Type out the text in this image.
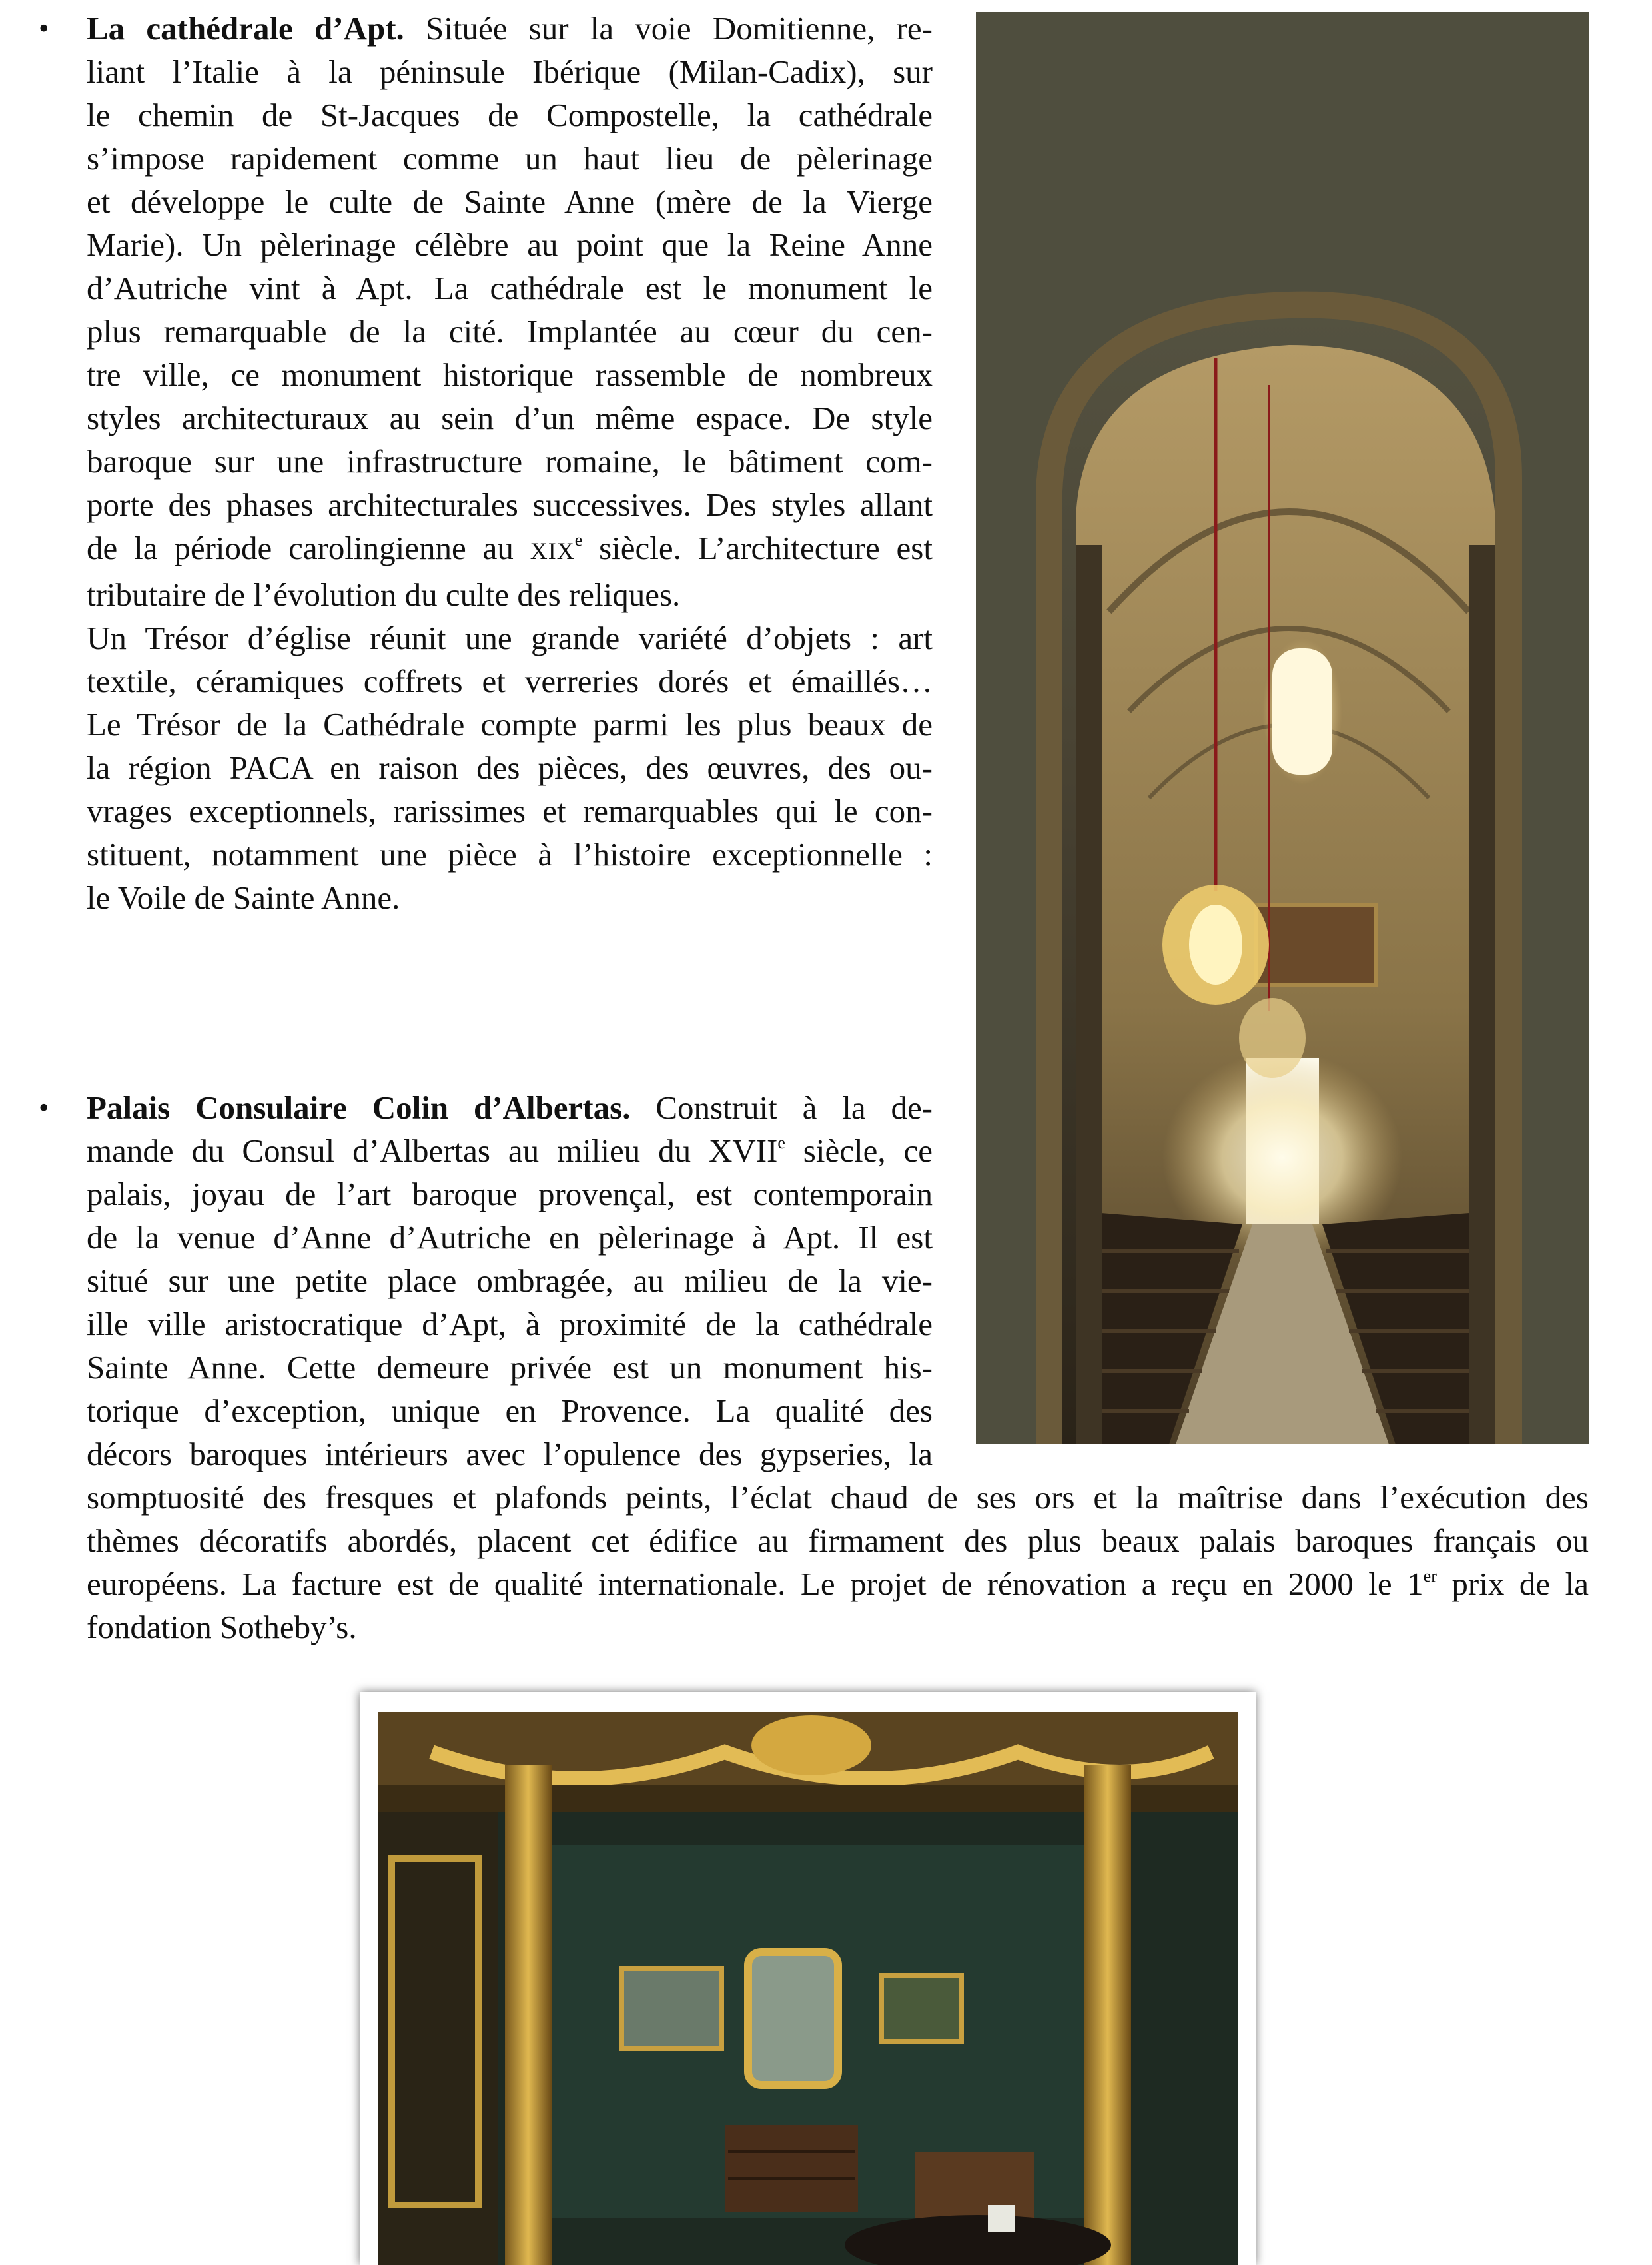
• La cathédrale d’Apt. Située sur la voie Domitienne, re-
liant l’Italie à la péninsule Ibérique (Milan-Cadix), sur
le chemin de St-Jacques de Compostelle, la cathédrale
s’impose rapidement comme un haut lieu de pèlerinage
et développe le culte de Sainte Anne (mère de la Vierge
Marie). Un pèlerinage célèbre au point que la Reine Anne
d’Autriche vint à Apt. La cathédrale est le monument le
plus remarquable de la cité. Implantée au cœur du cen-
tre ville, ce monument historique rassemble de nombreux
styles architecturaux au sein d’un même espace. De style
baroque sur une infrastructure romaine, le bâtiment com-
porte des phases architecturales successives. Des styles allant
de la période carolingienne au XIXe siècle. L’architecture est
tributaire de l’évolution du culte des reliques.
Un Trésor d’église réunit une grande variété d’objets : art
textile, céramiques coffrets et verreries dorés et émaillés…
Le Trésor de la Cathédrale compte parmi les plus beaux de
la région PACA en raison des pièces, des œuvres, des ou-
vrages exceptionnels, rarissimes et remarquables qui le con-
stituent, notamment une pièce à l’histoire exceptionnelle :
le Voile de Sainte Anne.
• Palais Consulaire Colin d’Albertas. Construit à la de-
mande du Consul d’Albertas au milieu du XVIIe siècle, ce
palais, joyau de l’art baroque provençal, est contemporain
de la venue d’Anne d’Autriche en pèlerinage à Apt. Il est
situé sur une petite place ombragée, au milieu de la vie-
ille ville aristocratique d’Apt, à proximité de la cathédrale
Sainte Anne. Cette demeure privée est un monument his-
torique d’exception, unique en Provence. La qualité des
décors baroques intérieurs avec l’opulence des gypseries, la
somptuosité des fresques et plafonds peints, l’éclat chaud de ses ors et la maîtrise dans l’exécution des
thèmes décoratifs abordés, placent cet édifice au firmament des plus beaux palais baroques français ou
européens. La facture est de qualité internationale. Le projet de rénovation a reçu en 2000 le 1er prix de la
fondation Sotheby’s.
